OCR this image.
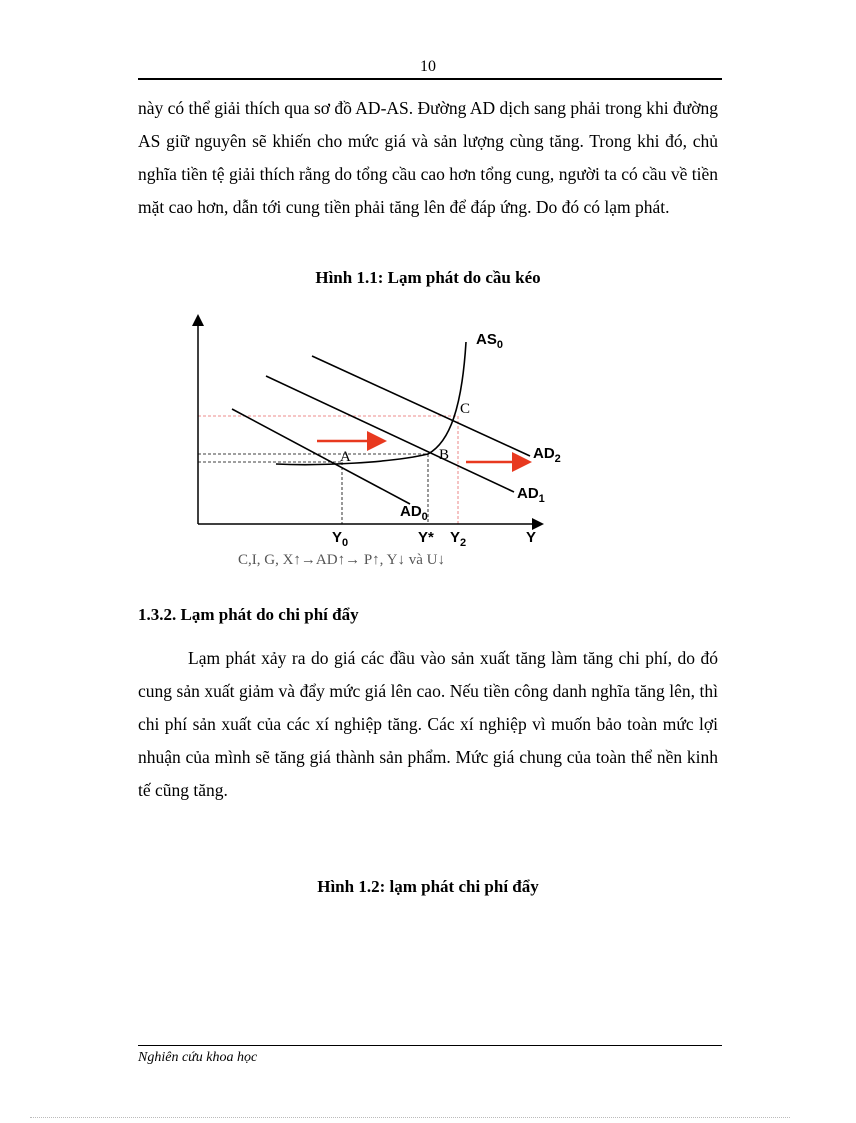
10

này có thể giải thích qua sơ đồ AD-AS. Đường AD dịch sang phải trong khi đường AS giữ nguyên sẽ khiến cho mức giá và sản lượng cùng tăng. Trong khi đó, chủ nghĩa tiền tệ giải thích rằng do tổng cầu cao hơn tổng cung, người ta có cầu về tiền mặt cao hơn, dẫn tới cung tiền phải tăng lên để đáp ứng. Do đó có lạm phát.

Hình 1.1: Lạm phát do cầu kéo
$AS_0$
$AD_2$
$AD_1$
$AD_0$
A	B
C
$Y_0$	Y* $Y_2$	Y
C,I, G, X↑→AD↑→ P↑, Y↓ và U↓
1.3.2. Lạm phát do chi phí đẩy

Lạm phát xảy ra do giá các đầu vào sản xuất tăng làm tăng chi phí, do đó cung sản xuất giảm và đẩy mức giá lên cao. Nếu tiền công danh nghĩa tăng lên, thì chi phí sản xuất của các xí nghiệp tăng. Các xí nghiệp vì muốn bảo toàn mức lợi nhuận của mình sẽ tăng giá thành sản phẩm. Mức giá chung của toàn thể nền kinh tế cũng tăng.

Hình 1.2: lạm phát chi phí đẩy
Nghiên cứu khoa học
